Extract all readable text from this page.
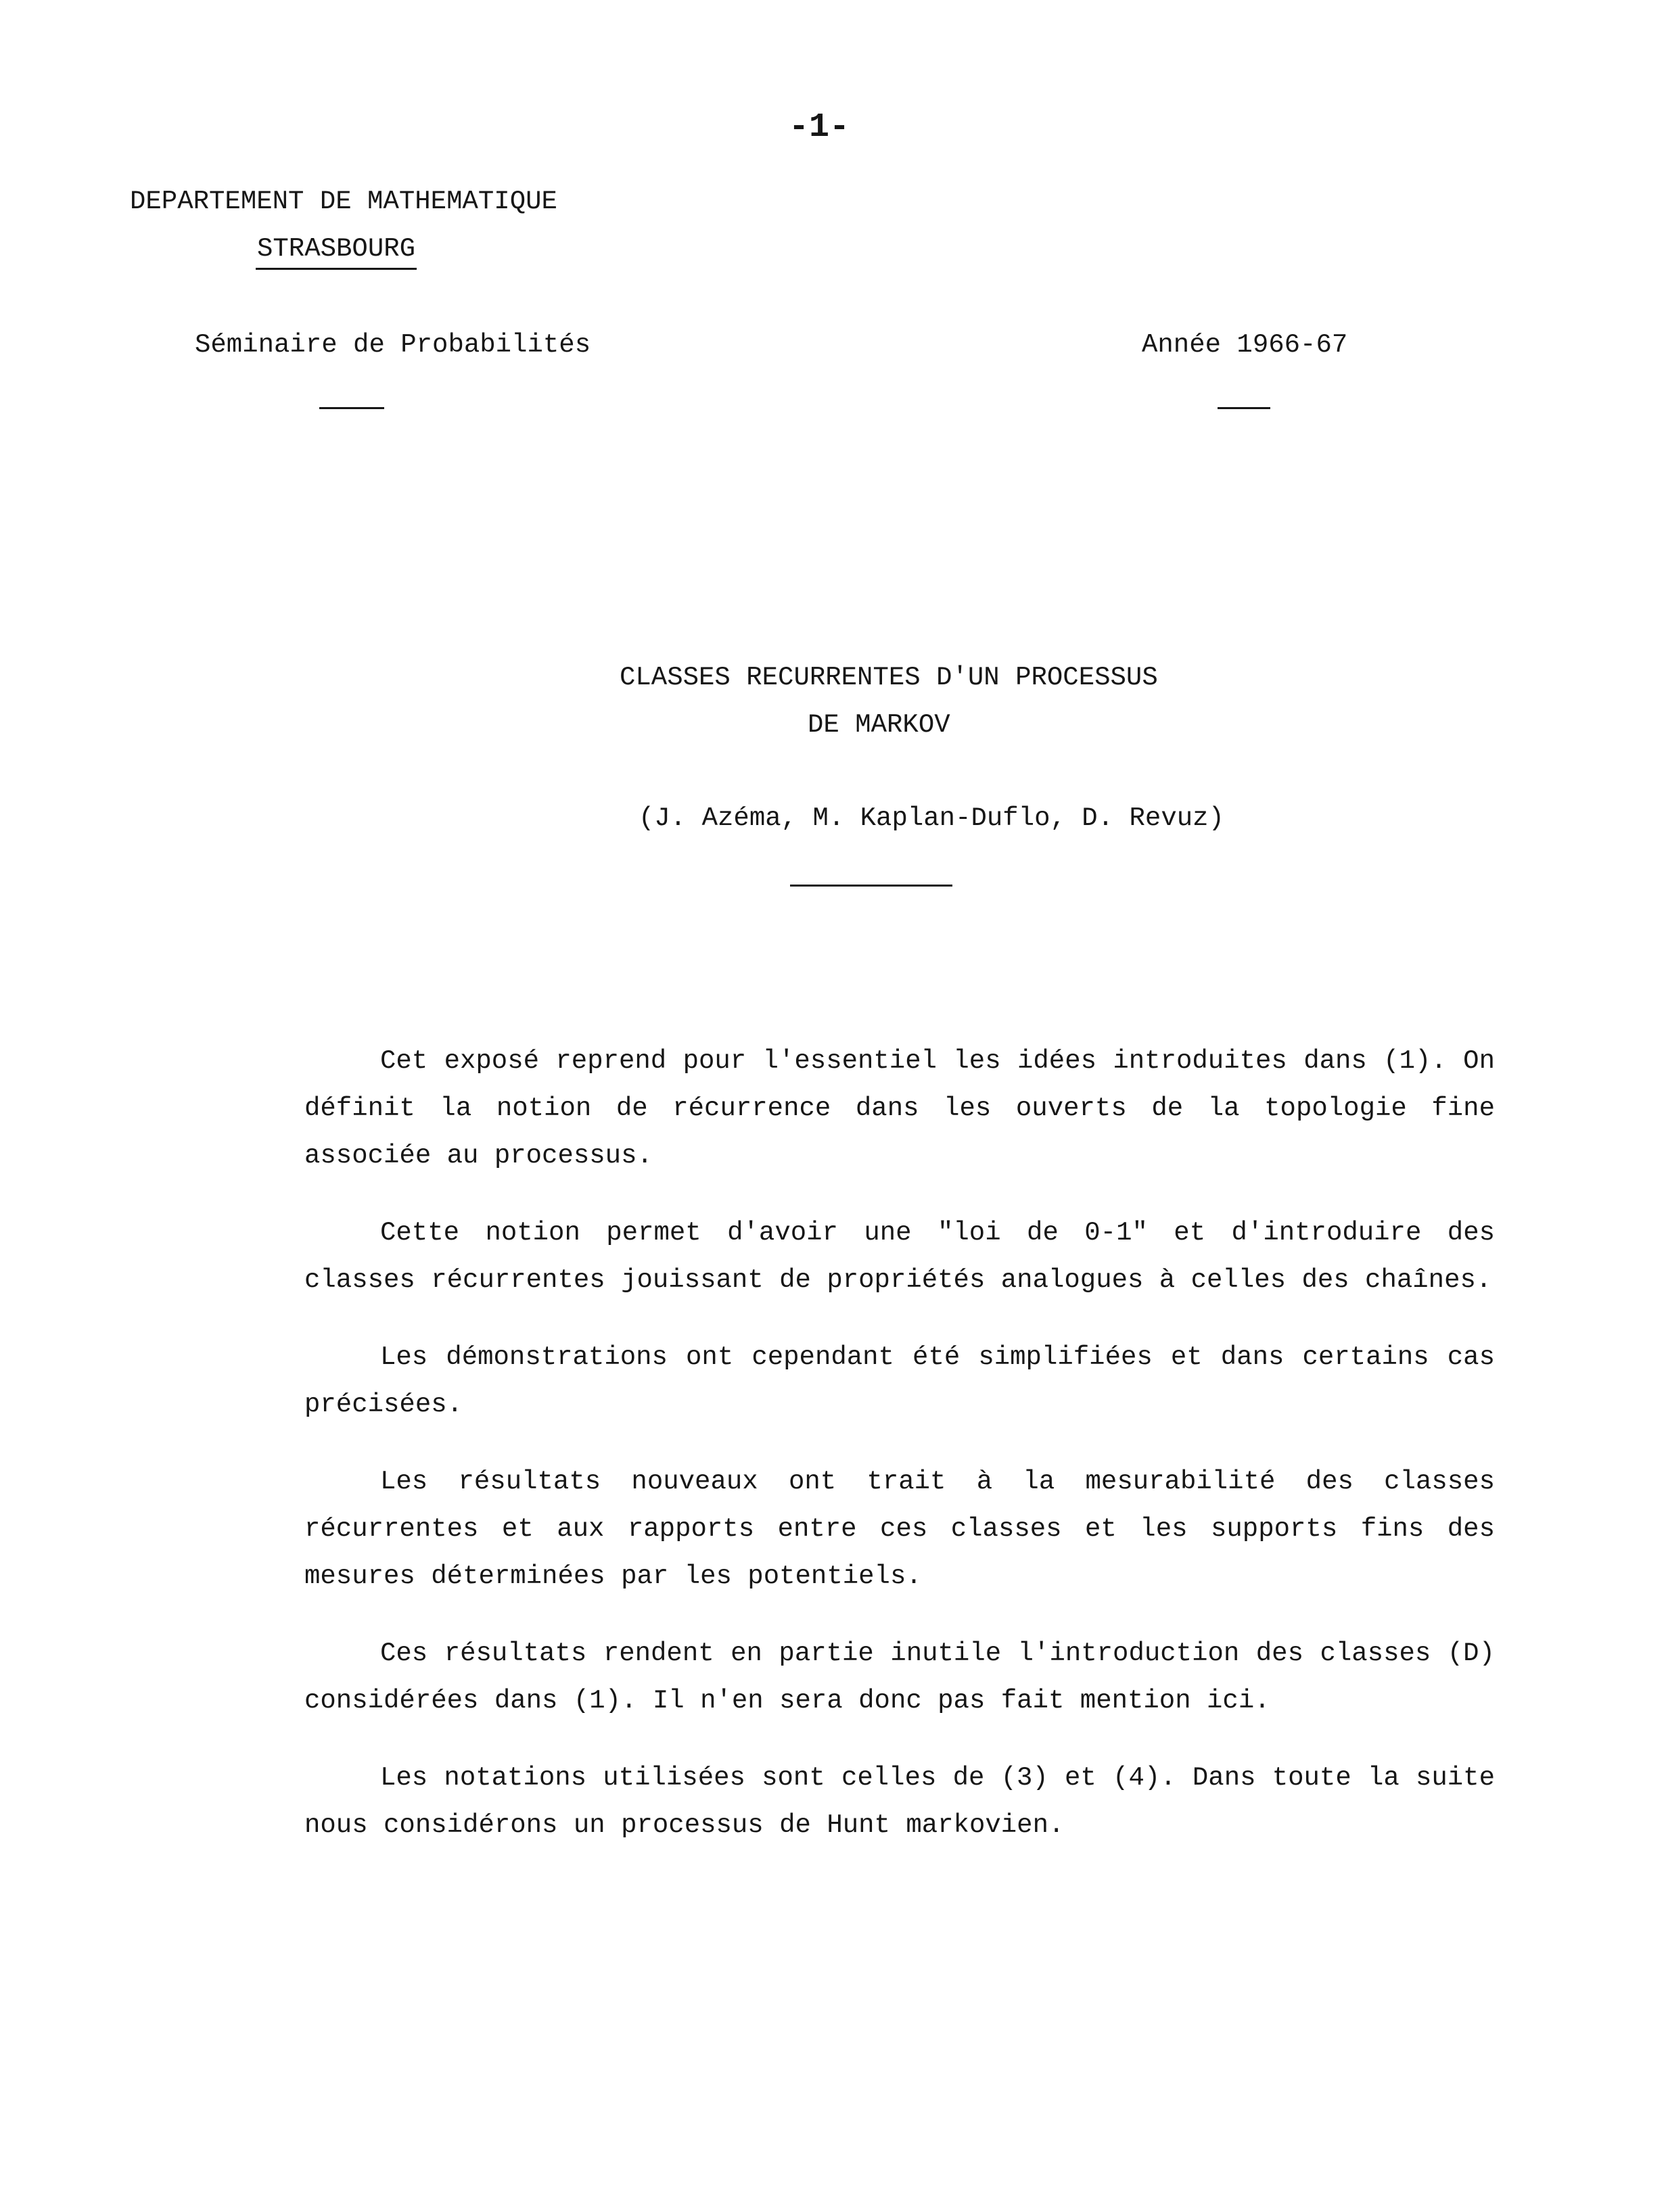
-1-
DEPARTEMENT DE MATHEMATIQUE
STRASBOURG
Séminaire de Probabilités	Année 1966-67
CLASSES RECURRENTES D'UN PROCESSUS
DE MARKOV
(J. Azéma, M. Kaplan-Duflo, D. Revuz)

Cet exposé reprend pour l'essentiel les idées introduites dans (1). On définit la notion de récurrence dans les ouverts de la topologie fine associée au processus.

Cette notion permet d'avoir une "loi de 0-1" et d'introduire des classes récurrentes jouissant de propriétés analogues à celles des chaînes.

Les démonstrations ont cependant été simplifiées et dans certains cas précisées.

Les résultats nouveaux ont trait à la mesurabilité des classes récurrentes et aux rapports entre ces classes et les supports fins des mesures déterminées par les potentiels.

Ces résultats rendent en partie inutile l'introduction des classes (D) considérées dans (1). Il n'en sera donc pas fait mention ici.

Les notations utilisées sont celles de (3) et (4). Dans toute la suite nous considérons un processus de Hunt markovien.
